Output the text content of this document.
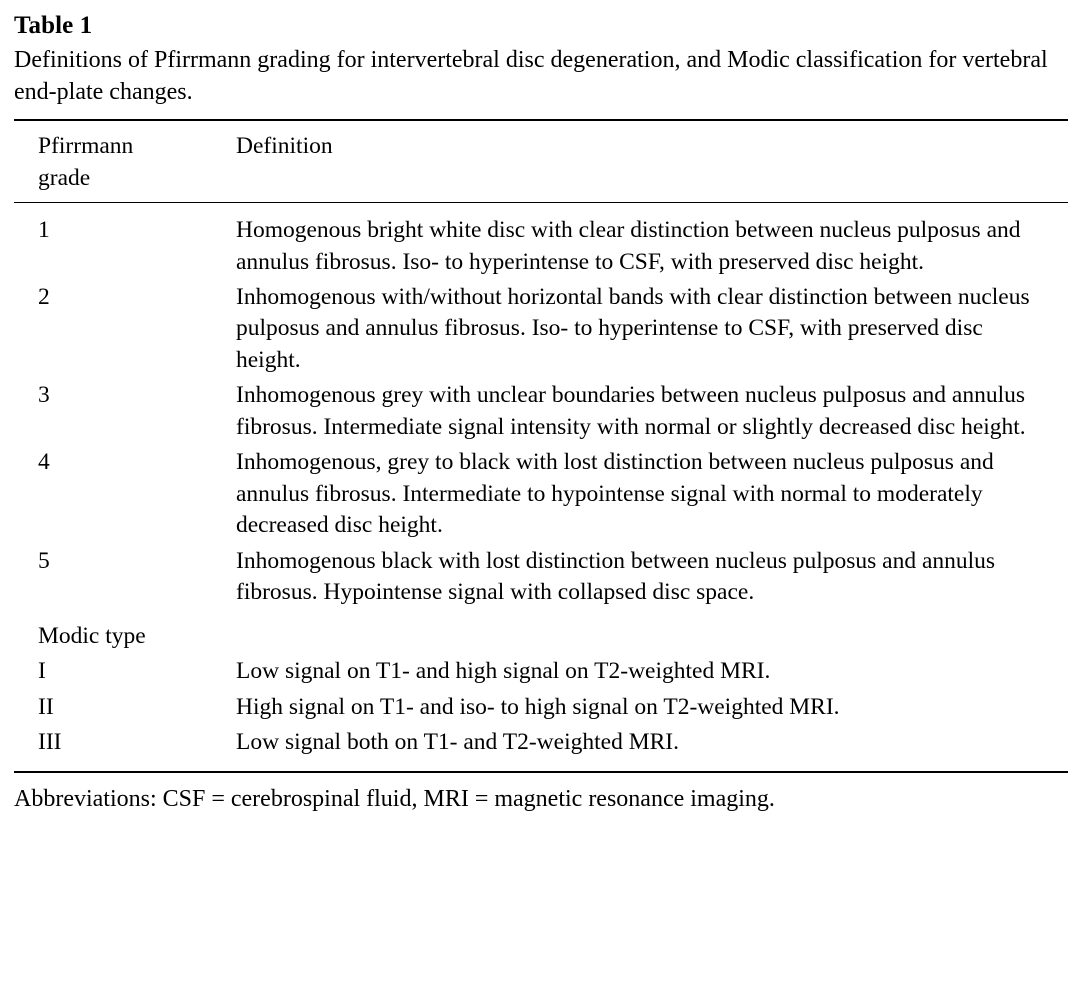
Table 1
Definitions of Pfirrmann grading for intervertebral disc degeneration, and Modic classification for vertebral end-plate changes.
Pfirrmann
grade
	Definition
1	Homogenous bright white disc with clear distinction between nucleus pulposus and annulus fibrosus. Iso- to hyperintense to CSF, with preserved disc height.
2	Inhomogenous with/without horizontal bands with clear distinction between nucleus pulposus and annulus fibrosus. Iso- to hyperintense to CSF, with preserved disc height.
3	Inhomogenous grey with unclear boundaries between nucleus pulposus and annulus fibrosus. Intermediate signal intensity with normal or slightly decreased disc height.
4	Inhomogenous, grey to black with lost distinction between nucleus pulposus and annulus fibrosus. Intermediate to hypointense signal with normal to moderately decreased disc height.
5	Inhomogenous black with lost distinction between nucleus pulposus and annulus fibrosus. Hypointense signal with collapsed disc space.
Modic type	
I	Low signal on T1- and high signal on T2-weighted MRI.
II	High signal on T1- and iso- to high signal on T2-weighted MRI.
III	Low signal both on T1- and T2-weighted MRI.
Abbreviations: CSF = cerebrospinal fluid, MRI = magnetic resonance imaging.
